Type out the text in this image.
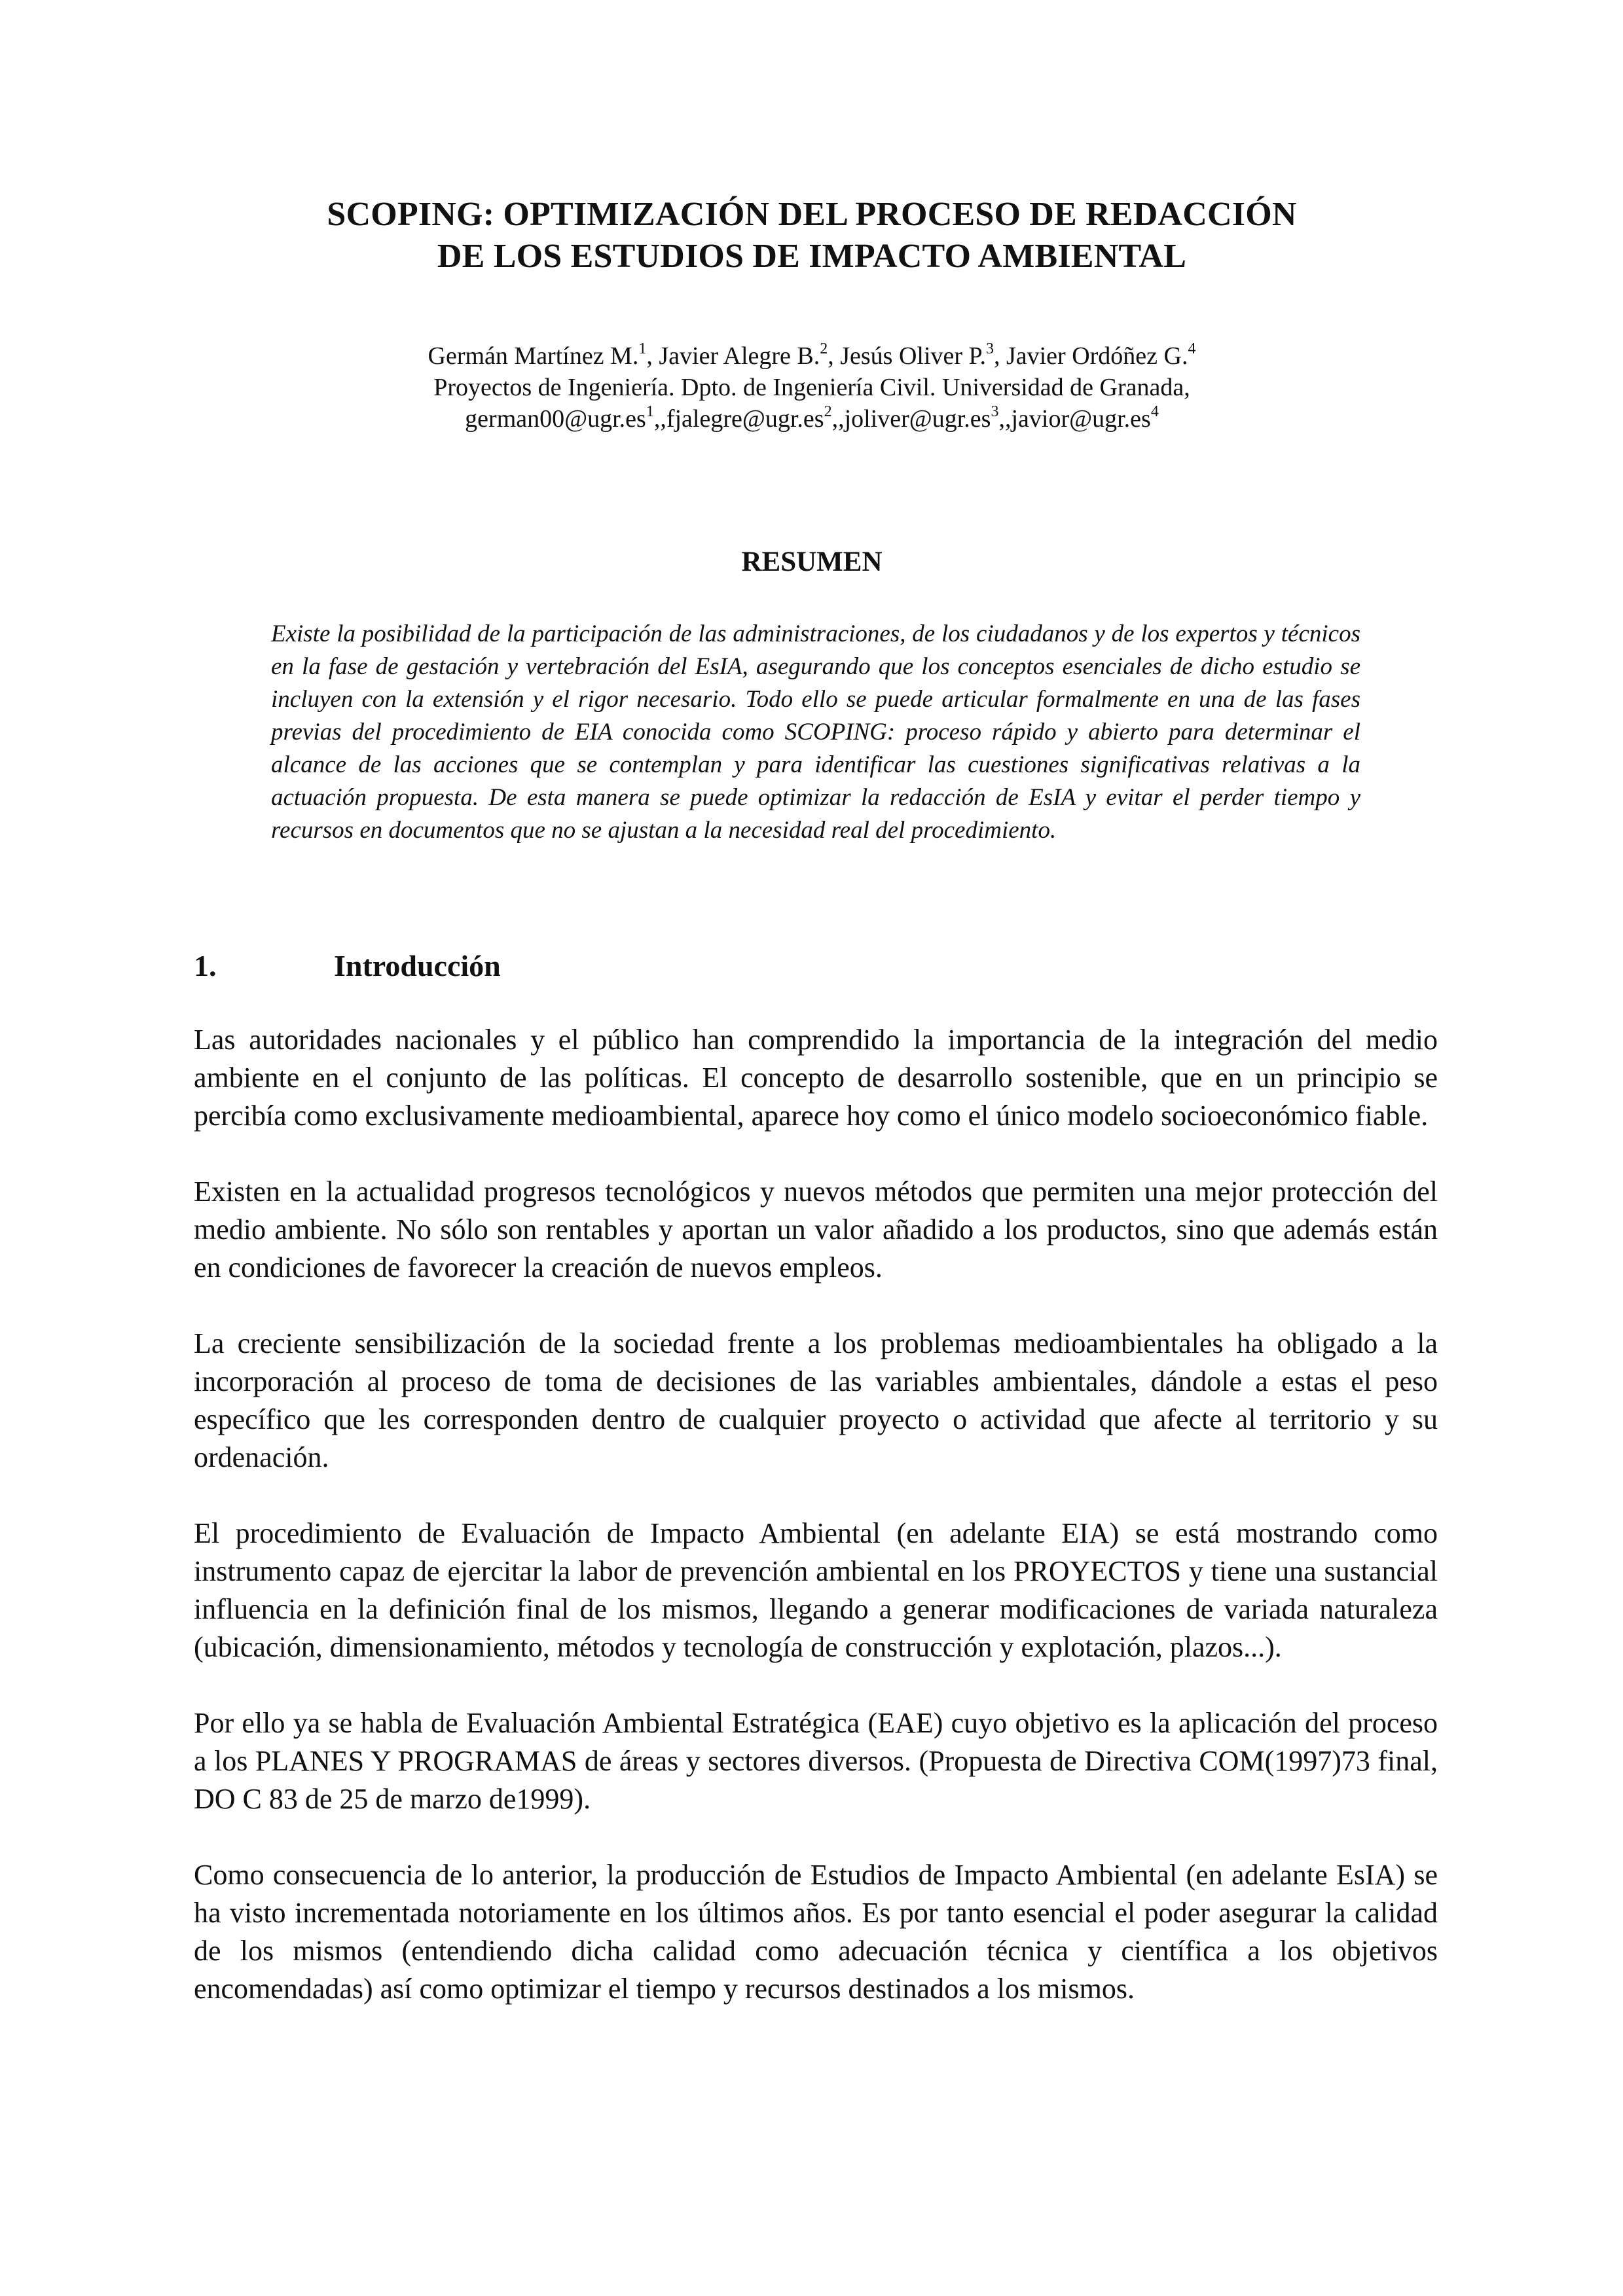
SCOPING: OPTIMIZACIÓN DEL PROCESO DE REDACCIÓN
DE LOS ESTUDIOS DE IMPACTO AMBIENTAL
Germán Martínez M.$^1$, Javier Alegre B.$^2$, Jesús Oliver P.$^3$, Javier Ordóñez G.$^4$
Proyectos de Ingeniería. Dpto. de Ingeniería Civil. Universidad de Granada,
$german00@ugr.es^1,,fjalegre@ugr.es^2,,joliver@ugr.es^3,,javior@ugr.es^4$
RESUMEN
Existe la posibilidad de la participación de las administraciones, de los ciudadanos y de los expertos y técnicos en la fase de gestación y vertebración del EsIA, asegurando que los conceptos esenciales de dicho estudio se incluyen con la extensión y el rigor necesario. Todo ello se puede articular formalmente en una de las fases previas del procedimiento de EIA conocida como SCOPING: proceso rápido y abierto para determinar el alcance de las acciones que se contemplan y para identificar las cuestiones significativas relativas a la actuación propuesta. De esta manera se puede optimizar la redacción de EsIA y evitar el perder tiempo y recursos en documentos que no se ajustan a la necesidad real del procedimiento.
1.	Introducción

Las autoridades nacionales y el público han comprendido la importancia de la integración del medio ambiente en el conjunto de las políticas. El concepto de desarrollo sostenible, que en un principio se percibía como exclusivamente medioambiental, aparece hoy como el único modelo socioeconómico fiable.

Existen en la actualidad progresos tecnológicos y nuevos métodos que permiten una mejor protección del medio ambiente. No sólo son rentables y aportan un valor añadido a los productos, sino que además están en condiciones de favorecer la creación de nuevos empleos.

La creciente sensibilización de la sociedad frente a los problemas medioambientales ha obligado a la incorporación al proceso de toma de decisiones de las variables ambientales, dándole a estas el peso específico que les corresponden dentro de cualquier proyecto o actividad que afecte al territorio y su ordenación.

El procedimiento de Evaluación de Impacto Ambiental (en adelante EIA) se está mostrando como instrumento capaz de ejercitar la labor de prevención ambiental en los PROYECTOS y tiene una sustancial influencia en la definición final de los mismos, llegando a generar modificaciones de variada naturaleza (ubicación, dimensionamiento, métodos y tecnología de construcción y explotación, plazos...).

Por ello ya se habla de Evaluación Ambiental Estratégica (EAE) cuyo objetivo es la aplicación del proceso a los PLANES Y PROGRAMAS de áreas y sectores diversos. (Propuesta de Directiva COM(1997)73 final, DO C 83 de 25 de marzo de1999).

Como consecuencia de lo anterior, la producción de Estudios de Impacto Ambiental (en adelante EsIA) se ha visto incrementada notoriamente en los últimos años. Es por tanto esencial el poder asegurar la calidad de los mismos (entendiendo dicha calidad como adecuación técnica y científica a los objetivos encomendadas) así como optimizar el tiempo y recursos destinados a los mismos.
